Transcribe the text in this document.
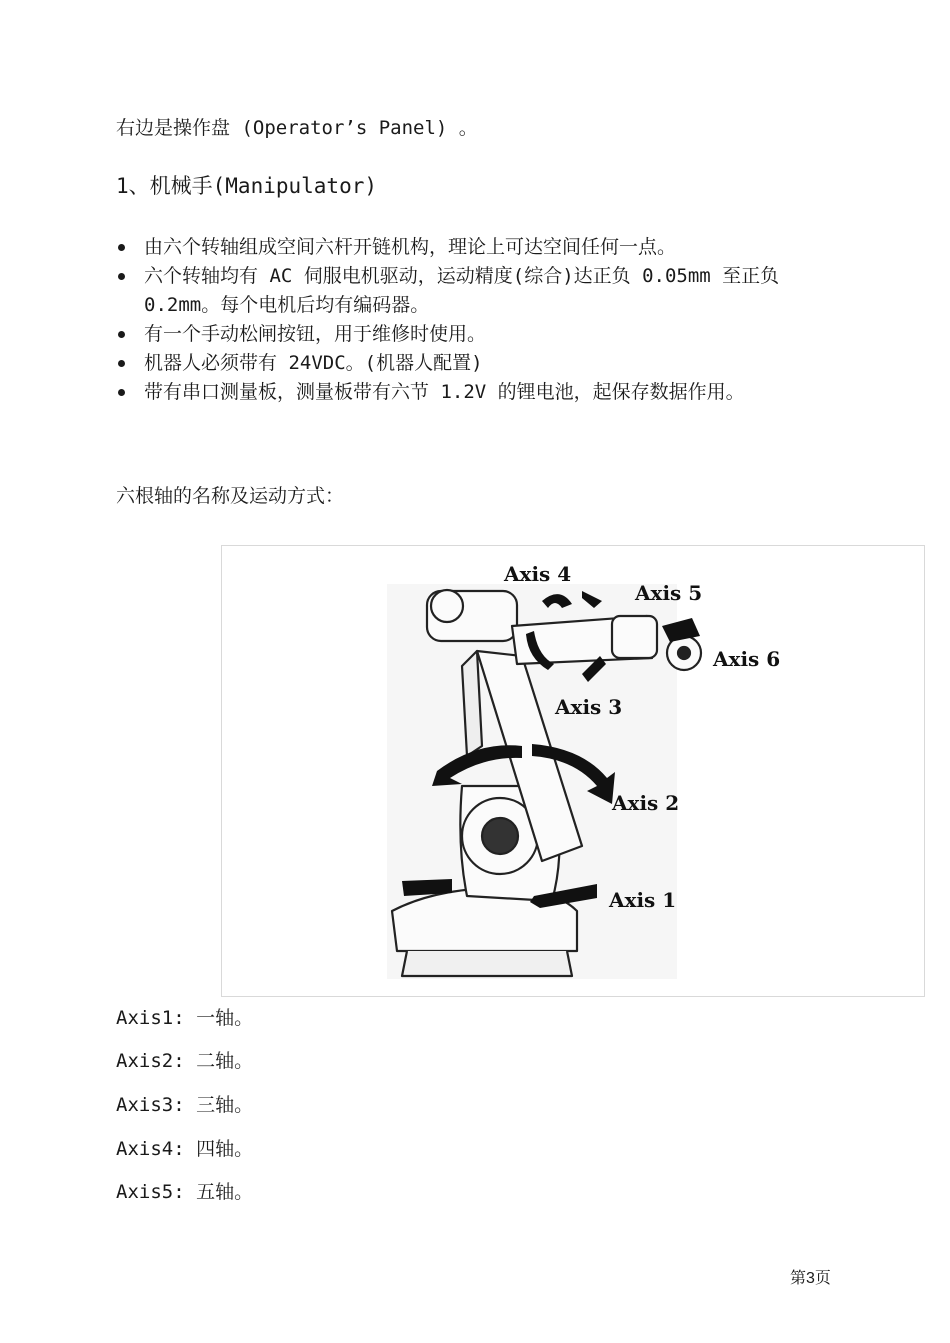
右边是操作盘 (Operator’s Panel) 。
1、机械手(Manipulator)
由六个转轴组成空间六杆开链机构，理论上可达空间任何一点。
六个转轴均有 AC 伺服电机驱动，运动精度(综合)达正负 0.05mm 至正负 0.2mm。每个电机后均有编码器。
有一个手动松闸按钮，用于维修时使用。
机器人必须带有 24VDC。(机器人配置)
带有串口测量板，测量板带有六节 1.2V 的锂电池，起保存数据作用。
六根轴的名称及运动方式：
Axis 4
Axis 5
Axis 6
Axis 3
Axis 2
Axis 1
Axis1: 一轴。
Axis2: 二轴。
Axis3: 三轴。
Axis4: 四轴。
Axis5: 五轴。
第3页
